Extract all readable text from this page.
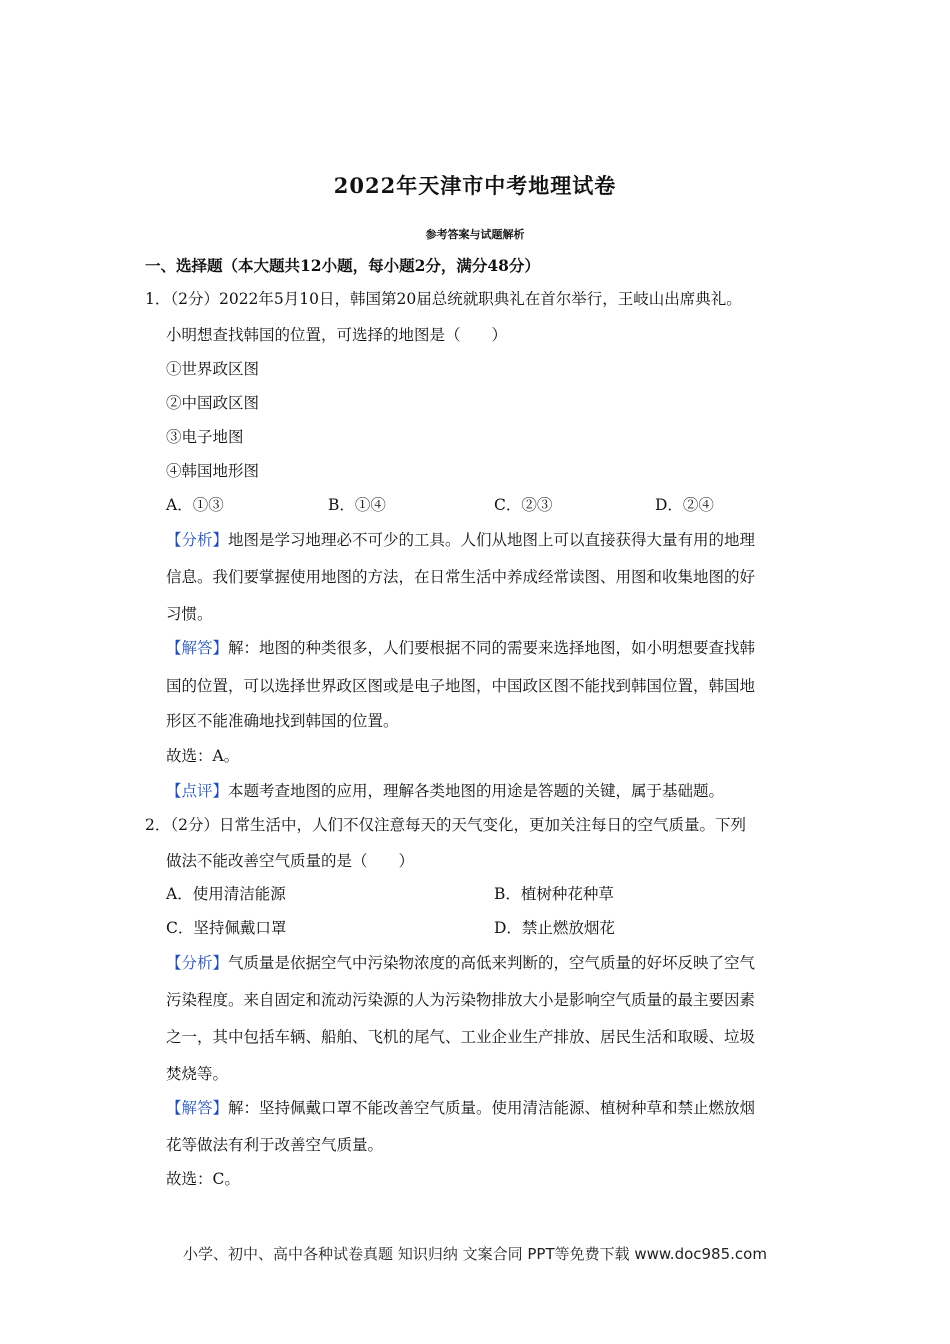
2022年天津市中考地理试卷
参考答案与试题解析
一、选择题（本大题共12小题，每小题2分，满分48分）
1．（2分）2022年5月10日，韩国第20届总统就职典礼在首尔举行，王岐山出席典礼。
小明想查找韩国的位置，可选择的地图是（　　）
①世界政区图
②中国政区图
③电子地图
④韩国地形图
A．①③	B．①④	C．②③	D．②④
【分析】地图是学习地理必不可少的工具。人们从地图上可以直接获得大量有用的地理
信息。我们要掌握使用地图的方法，在日常生活中养成经常读图、用图和收集地图的好
习惯。
【解答】解：地图的种类很多，人们要根据不同的需要来选择地图，如小明想要查找韩
国的位置，可以选择世界政区图或是电子地图，中国政区图不能找到韩国位置，韩国地
形区不能准确地找到韩国的位置。
故选：A。
【点评】本题考查地图的应用，理解各类地图的用途是答题的关键，属于基础题。
2．（2分）日常生活中，人们不仅注意每天的天气变化，更加关注每日的空气质量。下列
做法不能改善空气质量的是（　　）
A．使用清洁能源	B．植树种花种草
C．坚持佩戴口罩	D．禁止燃放烟花
【分析】气质量是依据空气中污染物浓度的高低来判断的，空气质量的好坏反映了空气
污染程度。来自固定和流动污染源的人为污染物排放大小是影响空气质量的最主要因素
之一，其中包括车辆、船舶、飞机的尾气、工业企业生产排放、居民生活和取暖、垃圾
焚烧等。
【解答】解：坚持佩戴口罩不能改善空气质量。使用清洁能源、植树种草和禁止燃放烟
花等做法有利于改善空气质量。
故选：C。
小学、初中、高中各种试卷真题 知识归纳 文案合同 PPT等免费下载 www.doc985.com
